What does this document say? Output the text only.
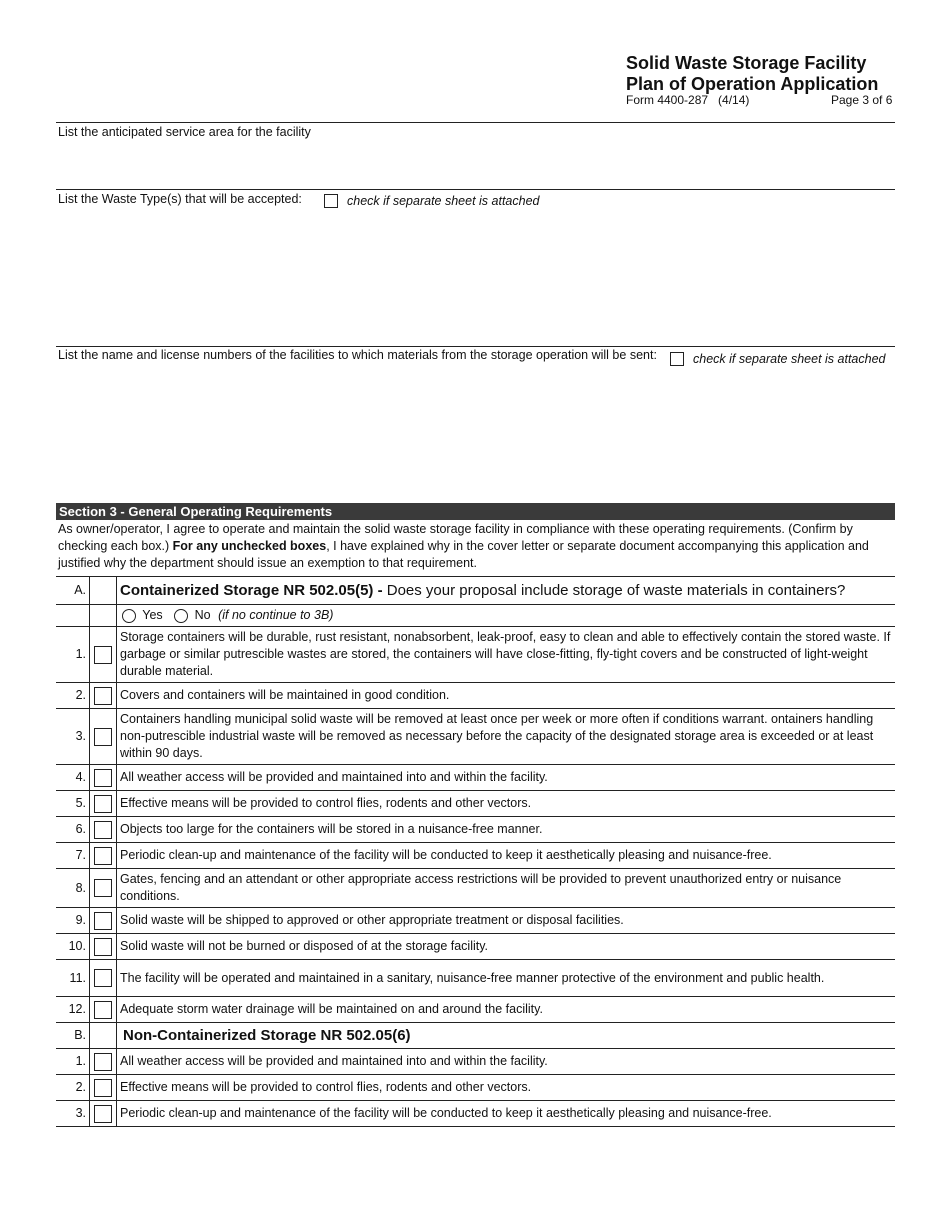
Solid Waste Storage Facility
Plan of Operation Application
Form 4400-287   (4/14)	Page 3 of 6
List the anticipated service area for the facility
List the Waste Type(s) that will be accepted:	check if separate sheet is attached
List the name and license numbers of the facilities to which materials from the storage operation will be sent:	check if separate sheet is attached
Section 3 - General Operating Requirements
As owner/operator, I agree to operate and maintain the solid waste storage facility in compliance with these operating requirements. (Confirm by checking each box.) For any unchecked boxes, I have explained why in the cover letter or separate document accompanying this application and justified why the department should issue an exemption to that requirement.
A.		Containerized Storage NR 502.05(5) - Does your proposal include storage of waste materials in containers?
		Yes No (if no continue to 3B)
1.		Storage containers will be durable, rust resistant, nonabsorbent, leak-proof, easy to clean and able to effectively contain the stored waste. If garbage or similar putrescible wastes are stored, the containers will have close-fitting, fly-tight covers and be constructed of light-weight durable material.
2.		Covers and containers will be maintained in good condition.
3.		Containers handling municipal solid waste will be removed at least once per week or more often if conditions warrant. ontainers handling non-putrescible industrial waste will be removed as necessary before the capacity of the designated storage area is exceeded or at least within 90 days.
4.		All weather access will be provided and maintained into and within the facility.
5.		Effective means will be provided to control flies, rodents and other vectors.
6.		Objects too large for the containers will be stored in a nuisance-free manner.
7.		Periodic clean-up and maintenance of the facility will be conducted to keep it aesthetically pleasing and nuisance-free.
8.		Gates, fencing and an attendant or other appropriate access restrictions will be provided to prevent unauthorized entry or nuisance conditions.
9.		Solid waste will be shipped to approved or other appropriate treatment or disposal facilities.
10.		Solid waste will not be burned or disposed of at the storage facility.
11.		The facility will be operated and maintained in a sanitary, nuisance-free manner protective of the environment and public health.
12.		Adequate storm water drainage will be maintained on and around the facility.
B.		Non-Containerized Storage NR 502.05(6)
1.		All weather access will be provided and maintained into and within the facility.
2.		Effective means will be provided to control flies, rodents and other vectors.
3.		Periodic clean-up and maintenance of the facility will be conducted to keep it aesthetically pleasing and nuisance-free.
